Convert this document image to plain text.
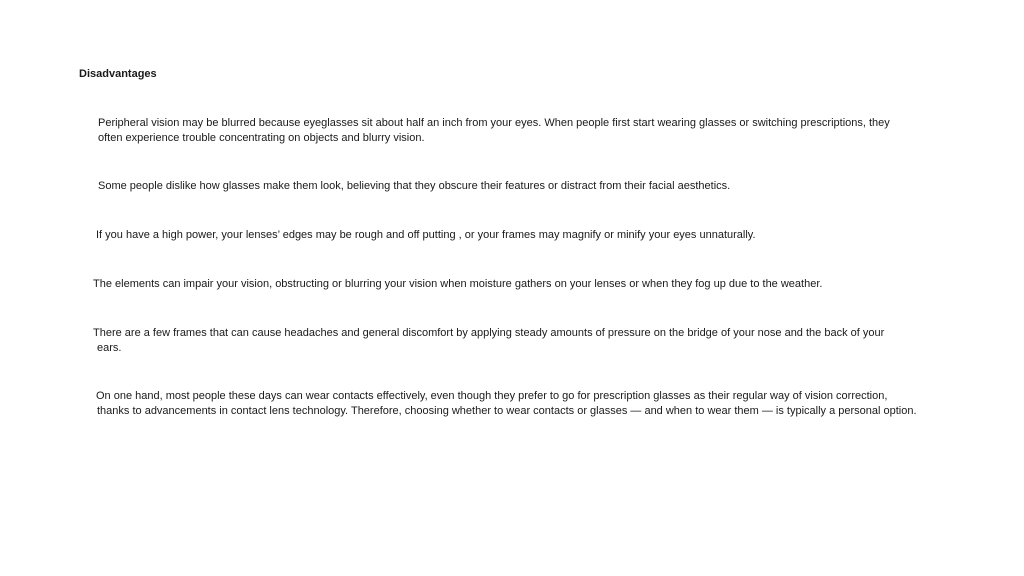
Disadvantages

Peripheral vision may be blurred because eyeglasses sit about half an inch from your eyes. When people first start wearing glasses or switching prescriptions, they
often experience trouble concentrating on objects and blurry vision.

Some people dislike how glasses make them look, believing that they obscure their features or distract from their facial aesthetics.

If you have a high power, your lenses’ edges may be rough and off putting , or your frames may magnify or minify your eyes unnaturally.

The elements can impair your vision, obstructing or blurring your vision when moisture gathers on your lenses or when they fog up due to the weather.

There are a few frames that can cause headaches and general discomfort by applying steady amounts of pressure on the bridge of your nose and the back of your
ears.

On one hand, most people these days can wear contacts effectively, even though they prefer to go for prescription glasses as their regular way of vision correction,
thanks to advancements in contact lens technology. Therefore, choosing whether to wear contacts or glasses — and when to wear them — is typically a personal option.
